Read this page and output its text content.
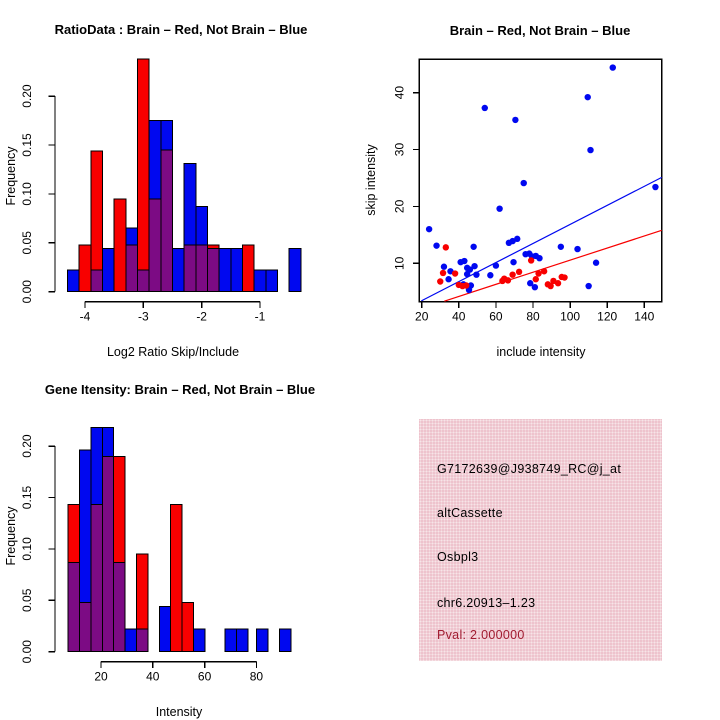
0.00
0.05
0.10
0.15
0.20
-4	-3	-2	-1
RatioData : Brain – Red, Not Brain – Blue
Log2 Ratio Skip/Include
Frequency
20 40 60 80 100 120 140
10
20
30
40
Brain – Red, Not Brain – Blue
include intensity
skip intensity
0.00
0.05
0.10
0.15
0.20
20	40	60	80
Gene Itensity: Brain – Red, Not Brain – Blue
Intensity
Frequency
G7172639@J938749_RC@j_at
altCassette
Osbpl3
chr6.20913–1.23
Pval: 2.000000
